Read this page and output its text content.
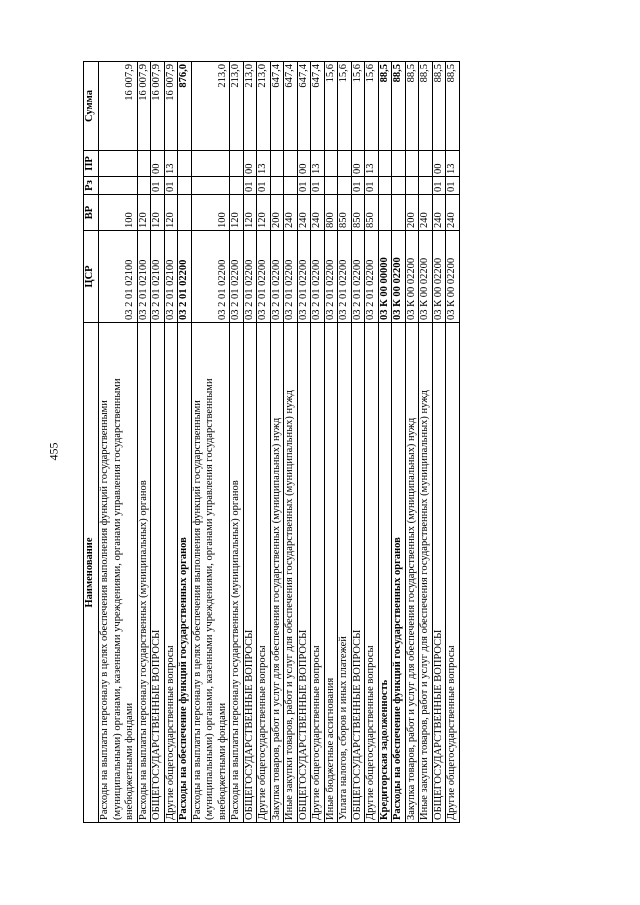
455
Наименование	ЦСР	ВР	Рз	ПР	Сумма
Расходы на выплаты персоналу в целях обеспечения выполнения функций государственными (муниципальными) органами, казенными учреждениями, органами управления государственными внебюджетными фондами	03 2 01 02100	100			16 007,9
Расходы на выплаты персоналу государственных (муниципальных) органов	03 2 01 02100	120			16 007,9
ОБЩЕГОСУДАРСТВЕННЫЕ ВОПРОСЫ	03 2 01 02100	120	01	00	16 007,9
Другие общегосударственные вопросы	03 2 01 02100	120	01	13	16 007,9
Расходы на обеспечение функций государственных органов	03 2 01 02200				876,0
Расходы на выплаты персоналу в целях обеспечения выполнения функций государственными (муниципальными) органами, казенными учреждениями, органами управления государственными внебюджетными фондами	03 2 01 02200	100			213,0
Расходы на выплаты персоналу государственных (муниципальных) органов	03 2 01 02200	120			213,0
ОБЩЕГОСУДАРСТВЕННЫЕ ВОПРОСЫ	03 2 01 02200	120	01	00	213,0
Другие общегосударственные вопросы	03 2 01 02200	120	01	13	213,0
Закупка товаров, работ и услуг для обеспечения государственных (муниципальных) нужд	03 2 01 02200	200			647,4
Иные закупки товаров, работ и услуг для обеспечения государственных (муниципальных) нужд	03 2 01 02200	240			647,4
ОБЩЕГОСУДАРСТВЕННЫЕ ВОПРОСЫ	03 2 01 02200	240	01	00	647,4
Другие общегосударственные вопросы	03 2 01 02200	240	01	13	647,4
Иные бюджетные ассигнования	03 2 01 02200	800			15,6
Уплата налогов, сборов и иных платежей	03 2 01 02200	850			15,6
ОБЩЕГОСУДАРСТВЕННЫЕ ВОПРОСЫ	03 2 01 02200	850	01	00	15,6
Другие общегосударственные вопросы	03 2 01 02200	850	01	13	15,6
Кредиторская задолженность	03 К 00 00000				88,5
Расходы на обеспечение функций государственных органов	03 К 00 02200				88,5
Закупка товаров, работ и услуг для обеспечения государственных (муниципальных) нужд	03 К 00 02200	200			88,5
Иные закупки товаров, работ и услуг для обеспечения государственных (муниципальных) нужд	03 К 00 02200	240			88,5
ОБЩЕГОСУДАРСТВЕННЫЕ ВОПРОСЫ	03 К 00 02200	240	01	00	88,5
Другие общегосударственные вопросы	03 К 00 02200	240	01	13	88,5
